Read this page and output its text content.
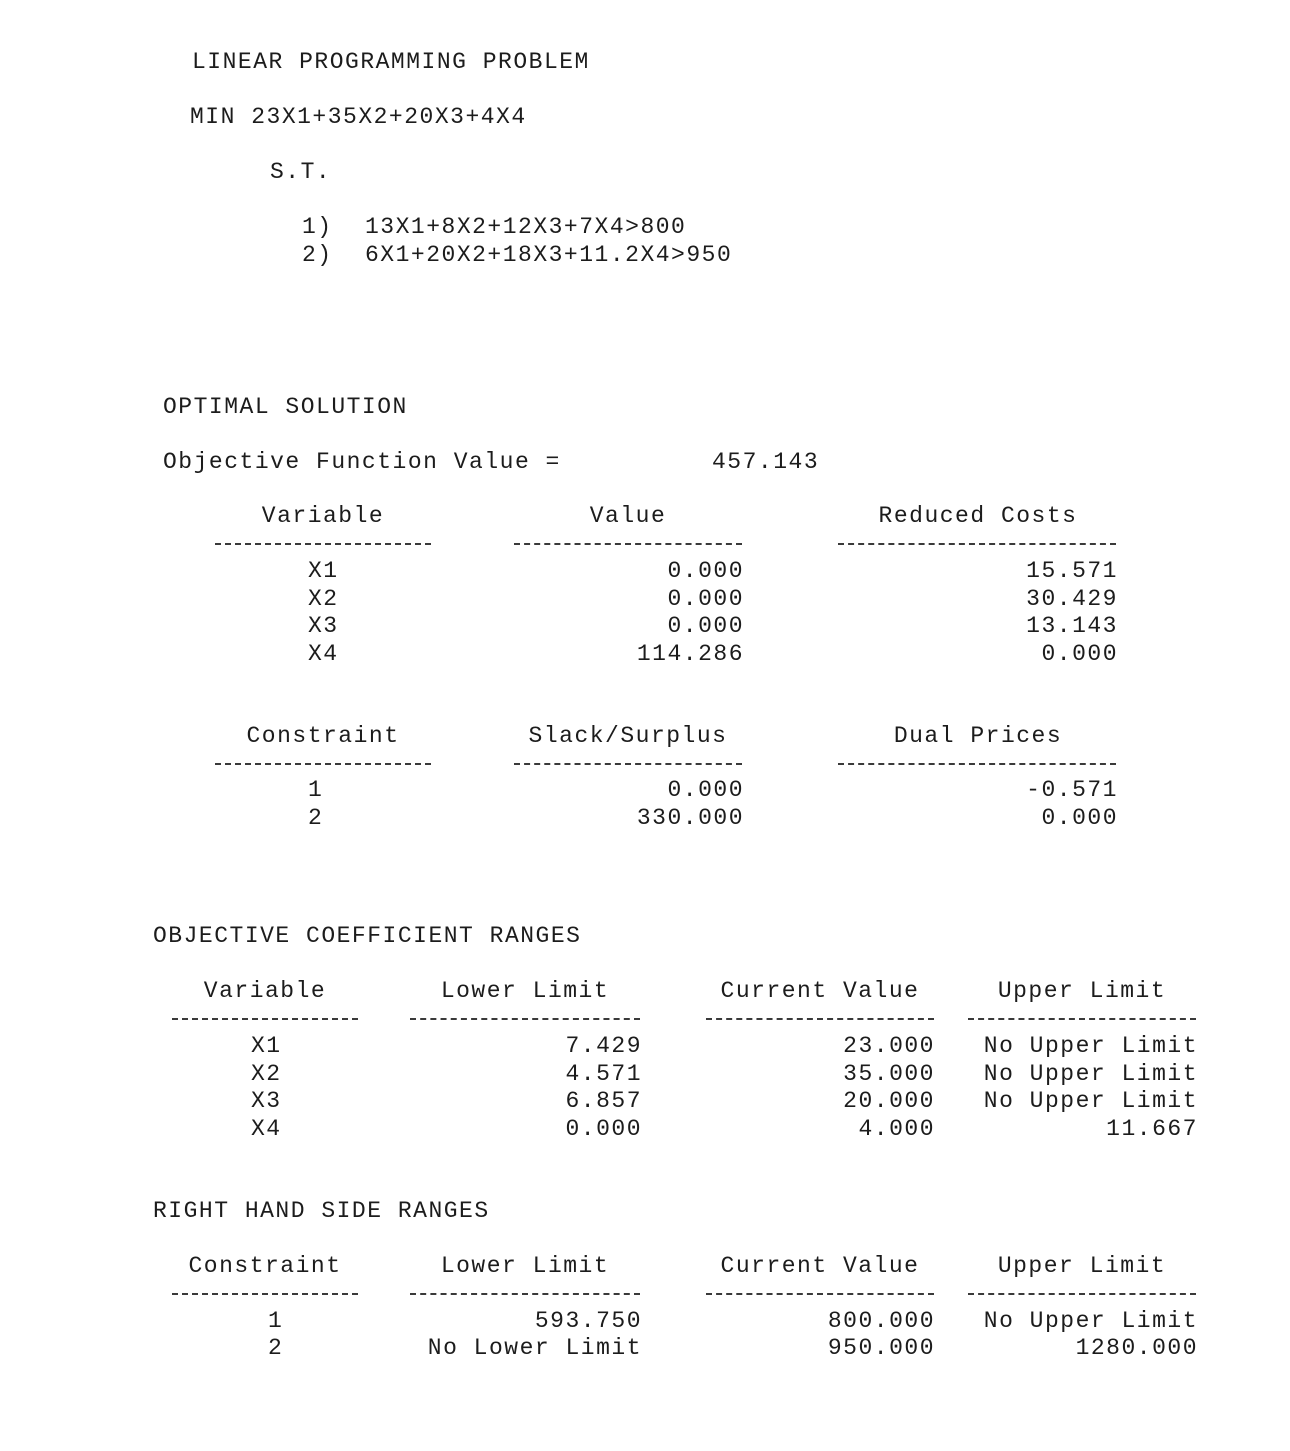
LINEAR PROGRAMMING PROBLEM
MIN 23X1+35X2+20X3+4X4
S.T.
1) 13X1+8X2+12X3+7X4>800
2) 6X1+20X2+18X3+11.2X4>950
OPTIMAL SOLUTION
Objective Function Value =	457.143
Variable	Value	Reduced Costs
X1	0.000	15.571
X2	0.000	30.429
X3	0.000	13.143
X4	114.286	0.000
Constraint	Slack/Surplus	Dual Prices
1	0.000	-0.571
2	330.000	0.000
OBJECTIVE COEFFICIENT RANGES
Variable	Lower Limit	Current Value	Upper Limit
X1	7.429	23.000 No Upper Limit
X2	4.571	35.000 No Upper Limit
X3	6.857	20.000 No Upper Limit
X4	0.000	4.000	11.667
RIGHT HAND SIDE RANGES
Constraint	Lower Limit	Current Value	Upper Limit
1	593.750	800.000 No Upper Limit
2	No Lower Limit	950.000	1280.000
